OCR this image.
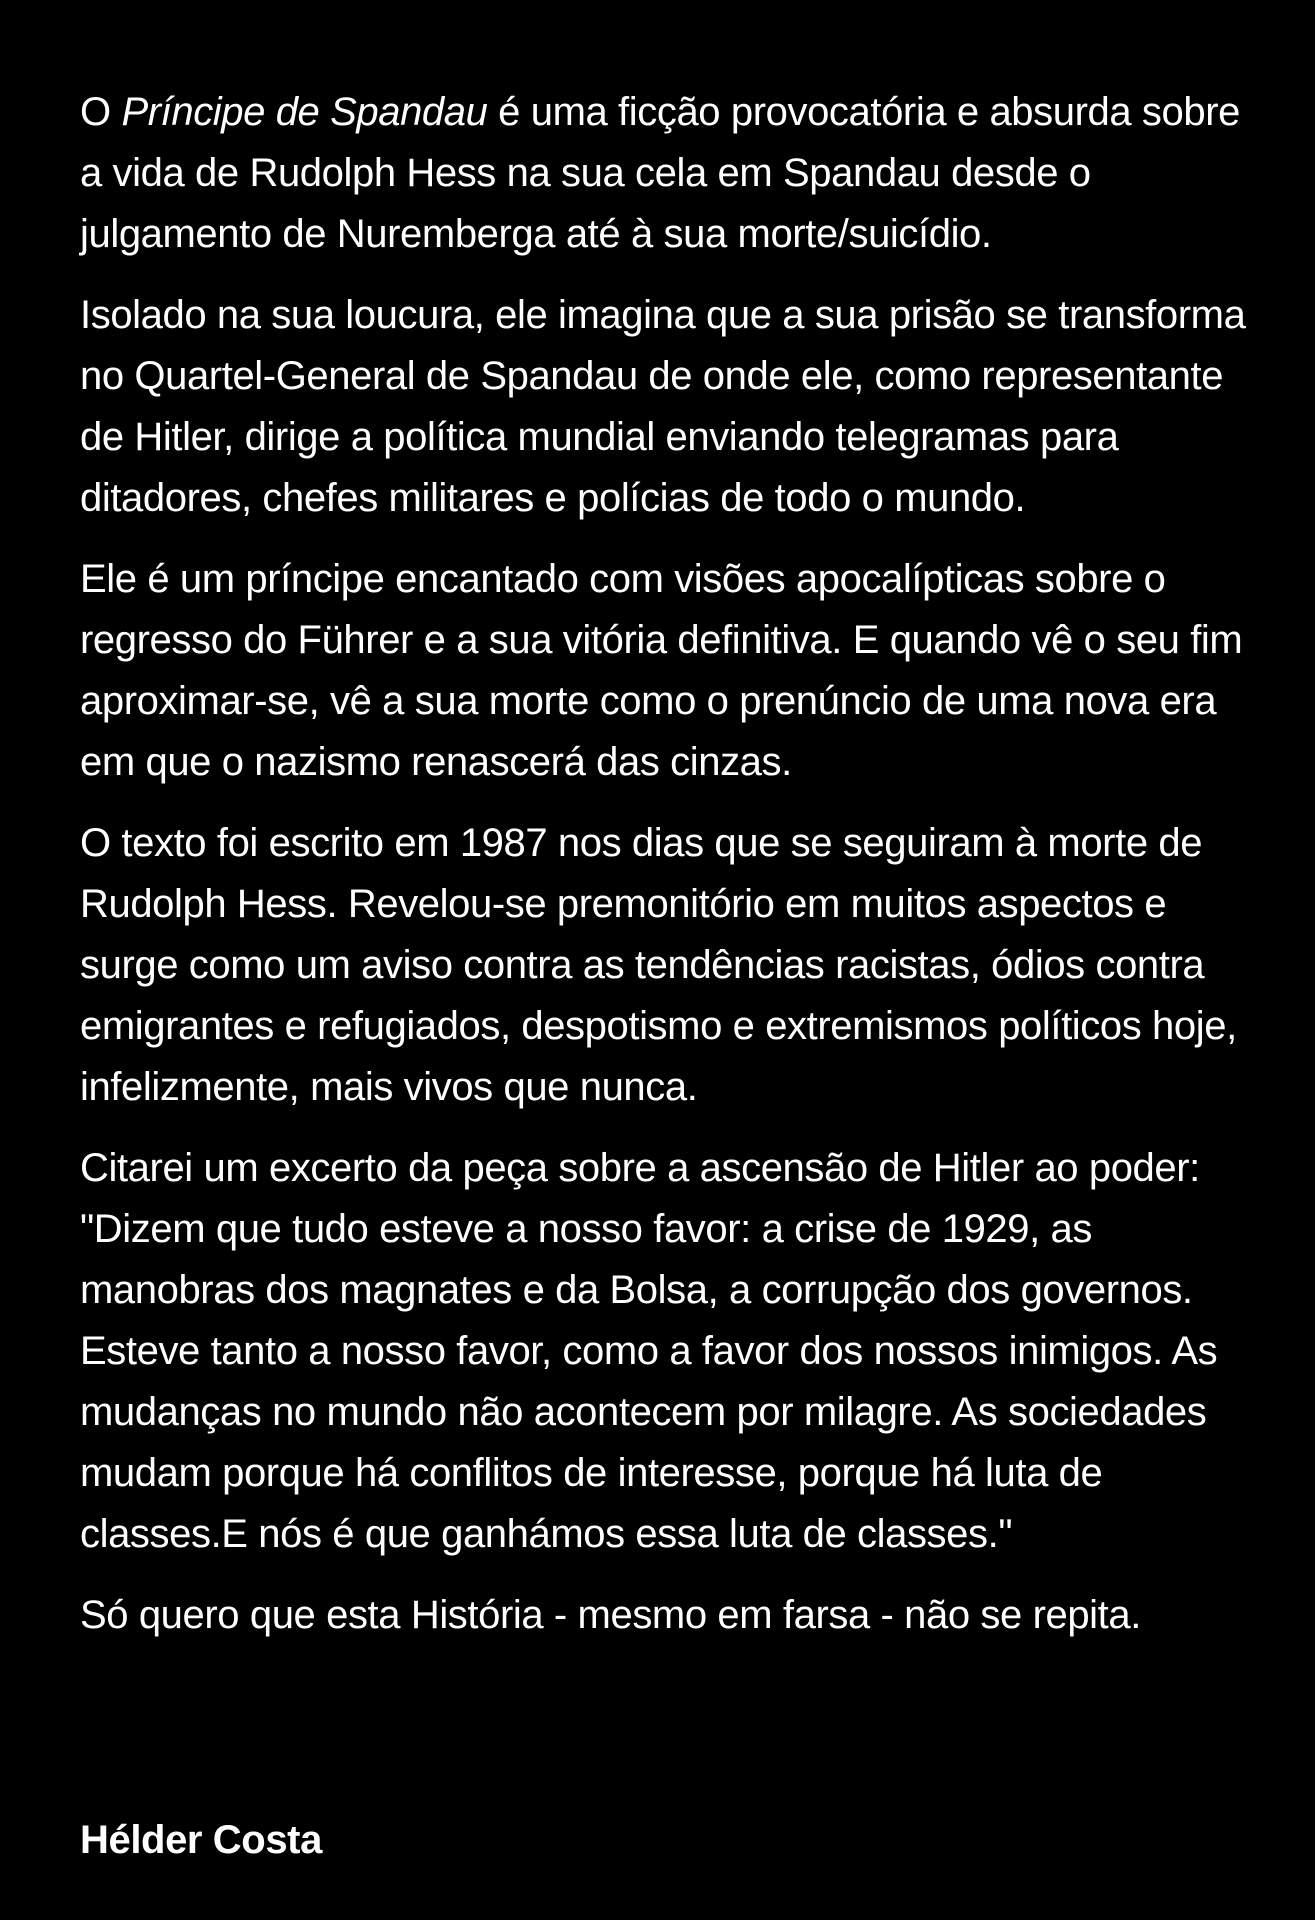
O Príncipe de Spandau é uma ficção provocatória e absurda sobre a vida de Rudolph Hess na sua cela em Spandau desde o julgamento de Nuremberga até à sua morte/suicídio.

Isolado na sua loucura, ele imagina que a sua prisão se transforma no Quartel-General de Spandau de onde ele, como representante de Hitler, dirige a política mundial enviando telegramas para ditadores, chefes militares e polícias de todo o mundo.

Ele é um príncipe encantado com visões apocalípticas sobre o regresso do Führer e a sua vitória definitiva. E quando vê o seu fim aproximar-se, vê a sua morte como o prenúncio de uma nova era em que o nazismo renascerá das cinzas.

O texto foi escrito em 1987 nos dias que se seguiram à morte de Rudolph Hess. Revelou-se premonitório em muitos aspectos e surge como um aviso contra as tendências racistas, ódios contra emigrantes e refugiados, despotismo e extremismos políticos hoje, infelizmente, mais vivos que nunca.

Citarei um excerto da peça sobre a ascensão de Hitler ao poder: "Dizem que tudo esteve a nosso favor: a crise de 1929, as manobras dos magnates e da Bolsa, a corrupção dos governos. Esteve tanto a nosso favor, como a favor dos nossos inimigos. As mudanças no mundo não acontecem por milagre. As sociedades mudam porque há conflitos de interesse, porque há luta de classes.E nós é que ganhámos essa luta de classes."

Só quero que esta História - mesmo em farsa - não se repita.

Hélder Costa
